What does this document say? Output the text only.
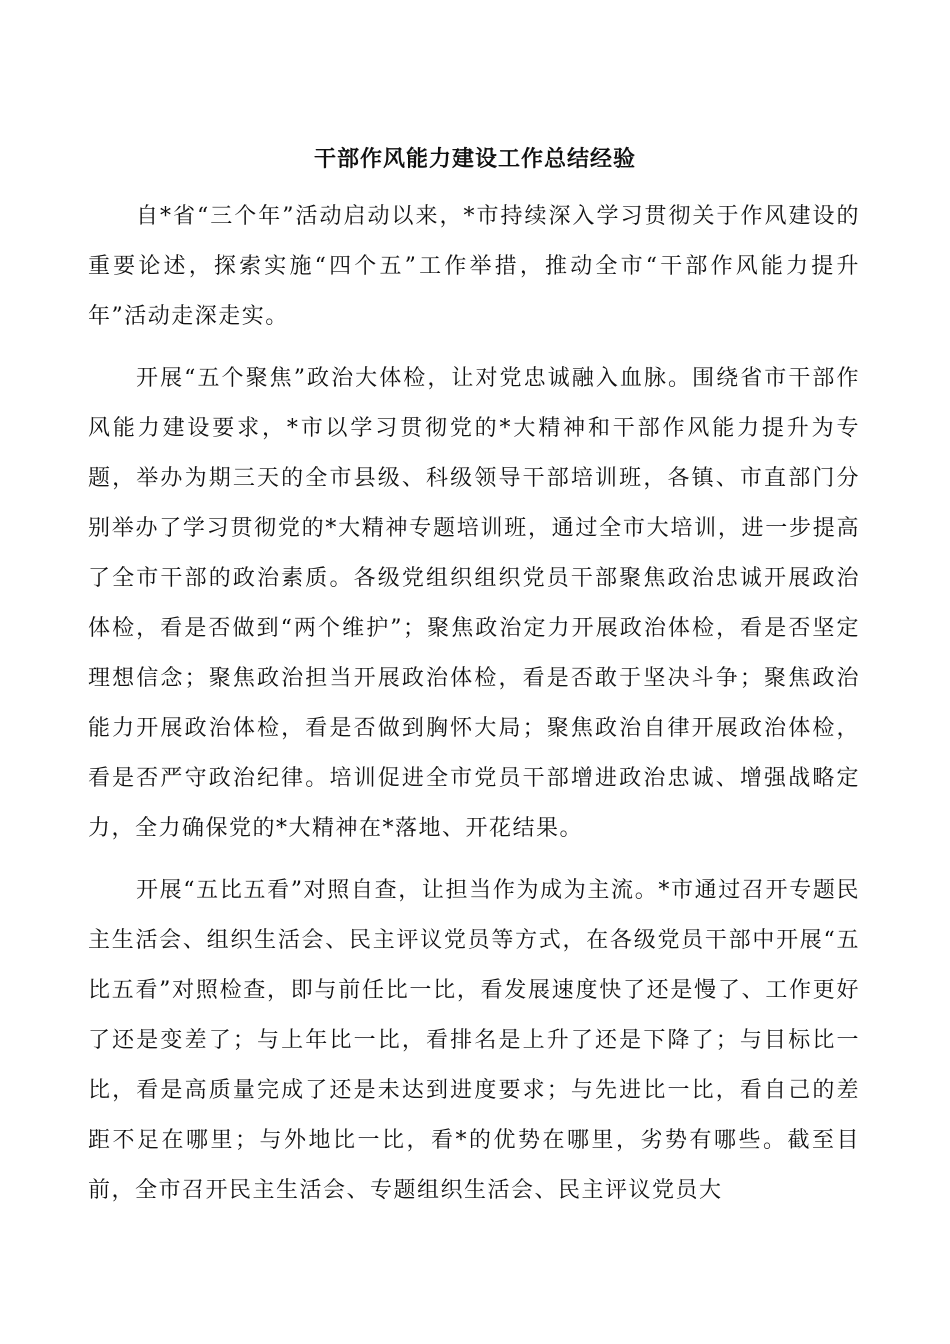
干部作风能力建设工作总结经验

自*省“三个年”活动启动以来，*市持续深入学习贯彻关于作风建设的重要论述，探索实施“四个五”工作举措，推动全市“干部作风能力提升年”活动走深走实。

开展“五个聚焦”政治大体检，让对党忠诚融入血脉。围绕省市干部作风能力建设要求，*市以学习贯彻党的*大精神和干部作风能力提升为专题，举办为期三天的全市县级、科级领导干部培训班，各镇、市直部门分别举办了学习贯彻党的*大精神专题培训班，通过全市大培训，进一步提高了全市干部的政治素质。各级党组织组织党员干部聚焦政治忠诚开展政治体检，看是否做到“两个维护”；聚焦政治定力开展政治体检，看是否坚定理想信念；聚焦政治担当开展政治体检，看是否敢于坚决斗争；聚焦政治能力开展政治体检，看是否做到胸怀大局；聚焦政治自律开展政治体检，看是否严守政治纪律。培训促进全市党员干部增进政治忠诚、增强战略定力，全力确保党的*大精神在*落地、开花结果。

开展“五比五看”对照自查，让担当作为成为主流。*市通过召开专题民主生活会、组织生活会、民主评议党员等方式，在各级党员干部中开展“五比五看”对照检查，即与前任比一比，看发展速度快了还是慢了、工作更好了还是变差了；与上年比一比，看排名是上升了还是下降了；与目标比一比，看是高质量完成了还是未达到进度要求；与先进比一比，看自己的差距不足在哪里；与外地比一比，看*的优势在哪里，劣势有哪些。截至目前，全市召开民主生活会、专题组织生活会、民主评议党员大
